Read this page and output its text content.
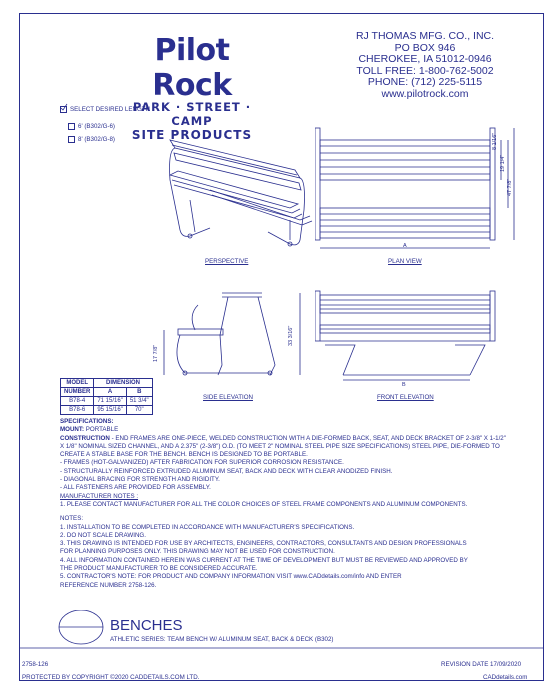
Pilot Rock
PARK · STREET · CAMP
SITE PRODUCTS
RJ THOMAS MFG. CO., INC.
PO BOX 946
CHEROKEE, IA 51012-0946
TOLL FREE: 1-800-762-5002
PHONE: (712) 225-5115
www.pilotrock.com
SELECT DESIRED LENGTH
6' (B302/G-6)
8' (B302/G-8)
PERSPECTIVE
A
8 1/16"
19 1/4"
47 7/8"
PLAN VIEW
33 3/16"
17 7/8"
SIDE ELEVATION
B
FRONT ELEVATION
MODEL	DIMENSION	
NUMBER	A	B
B78-4	71 15/16"	51 3/4"
B78-6	95 15/16"	70"
SPECIFICATIONS:
MOUNT: PORTABLE
CONSTRUCTION - END FRAMES ARE ONE-PIECE, WELDED CONSTRUCTION WITH A DIE-FORMED BACK, SEAT, AND DECK BRACKET OF 2-3/8" X 1-1/2"
X 1/8" NOMINAL SIZED CHANNEL, AND A 2.375" (2-3/8") O.D. (TO MEET 2" NOMINAL STEEL PIPE SIZE SPECIFICATIONS) STEEL PIPE, DIE-FORMED TO
CREATE A STABLE BASE FOR THE BENCH. BENCH IS DESIGNED TO BE PORTABLE.
- FRAMES (HOT-GALVANIZED) AFTER FABRICATION FOR SUPERIOR CORROSION RESISTANCE.
- STRUCTURALLY REINFORCED EXTRUDED ALUMINUM SEAT, BACK AND DECK WITH CLEAR ANODIZED FINISH.
- DIAGONAL BRACING FOR STRENGTH AND RIGIDITY.
- ALL FASTENERS ARE PROVIDED FOR ASSEMBLY.
MANUFACTURER NOTES :
1. PLEASE CONTACT MANUFACTURER FOR ALL THE COLOR CHOICES OF STEEL FRAME COMPONENTS AND ALUMINUM COMPONENTS.
NOTES:
1. INSTALLATION TO BE COMPLETED IN ACCORDANCE WITH MANUFACTURER'S SPECIFICATIONS.
2. DO NOT SCALE DRAWING.
3. THIS DRAWING IS INTENDED FOR USE BY ARCHITECTS, ENGINEERS, CONTRACTORS, CONSULTANTS AND DESIGN PROFESSIONALS
FOR PLANNING PURPOSES ONLY. THIS DRAWING MAY NOT BE USED FOR CONSTRUCTION.
4. ALL INFORMATION CONTAINED HEREIN WAS CURRENT AT THE TIME OF DEVELOPMENT BUT MUST BE REVIEWED AND APPROVED BY
THE PRODUCT MANUFACTURER TO BE CONSIDERED ACCURATE.
5. CONTRACTOR'S NOTE: FOR PRODUCT AND COMPANY INFORMATION VISIT www.CADdetails.com/info AND ENTER
REFERENCE NUMBER 2758-126.
BENCHES
ATHLETIC SERIES: TEAM BENCH W/ ALUMINUM SEAT, BACK & DECK (B302)
2758-126	REVISION DATE 17/09/2020
PROTECTED BY COPYRIGHT ©2020 CADDETAILS.COM LTD.	CADdetails.com
